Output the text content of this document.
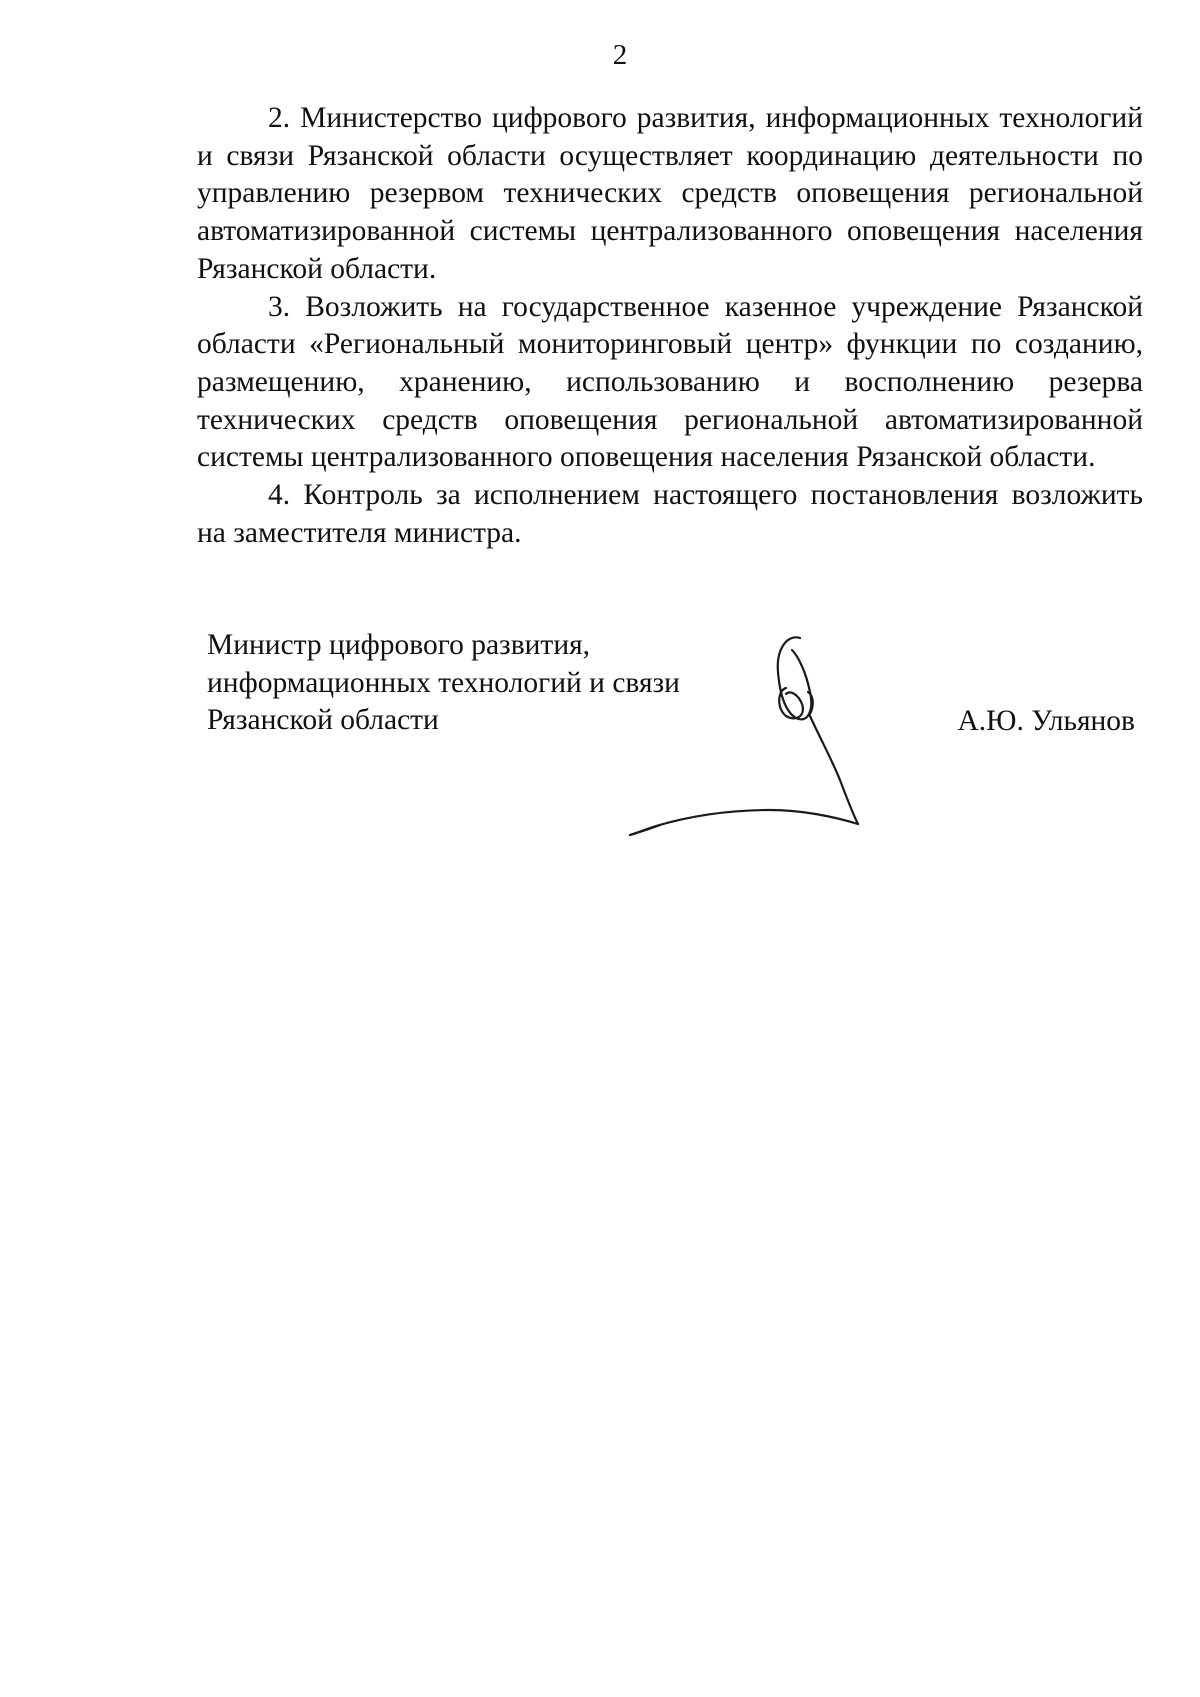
2

2. Министерство цифрового развития, информационных технологий и связи Рязанской области осуществляет координацию деятельности по управлению резервом технических средств оповещения региональной автоматизированной системы централизованного оповещения населения Рязанской области.

3. Возложить на государственное казенное учреждение Рязанской области «Региональный мониторинговый центр» функции по созданию, размещению, хранению, использованию и восполнению резерва технических средств оповещения региональной автоматизированной системы централизованного оповещения населения Рязанской области.

4. Контроль за исполнением настоящего постановления возложить на заместителя министра.

Министр цифрового развития,
информационных технологий и связи
Рязанской области	А.Ю. Ульянов
